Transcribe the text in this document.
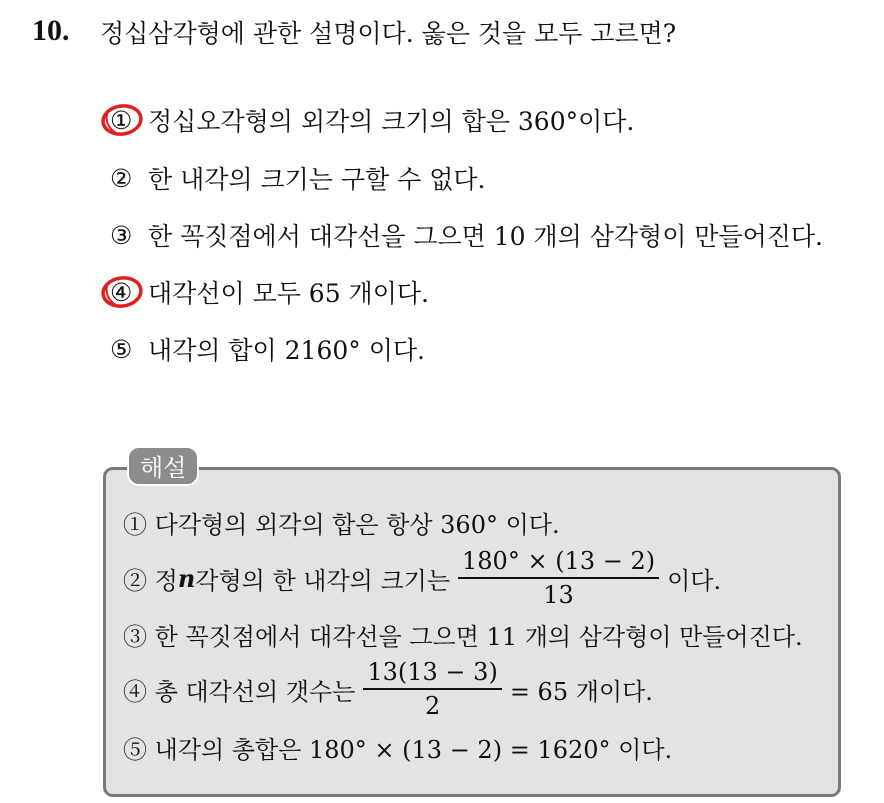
10. 정십삼각형에 관한 설명이다. 옳은 것을 모두 고르면?
① 정십오각형의 외각의 크기의 합은 360°이다.
② 한 내각의 크기는 구할 수 없다.
③ 한 꼭짓점에서 대각선을 그으면 10 개의 삼각형이 만들어진다.
④ 대각선이 모두 65 개이다.
⑤ 내각의 합이 2160° 이다.
해설
① 다각형의 외각의 합은 항상 360° 이다.
② 정 n 각형의 한 내각의 크기는 $\frac{180^\circ \times (13 - 2)}{13}$ 이다.
③ 한 꼭짓점에서 대각선을 그으면 11 개의 삼각형이 만들어진다.
④ 총 대각선의 갯수는 $\frac{13(13 - 3)}{2} = 65$ 개이다.
⑤ 내각의 총합은 180° × (13 − 2) = 1620° 이다.
